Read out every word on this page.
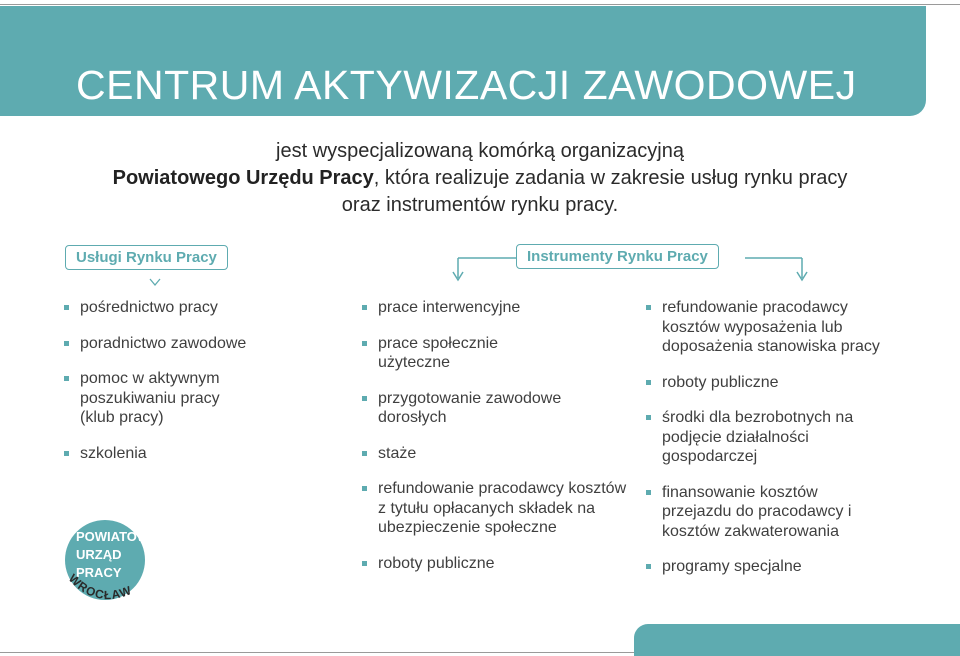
CENTRUM AKTYWIZACJI ZAWODOWEJ
jest wyspecjalizowaną komórką organizacyjną
Powiatowego Urzędu Pracy, która realizuje zadania w zakresie usług rynku pracy
oraz instrumentów rynku pracy.
Usługi Rynku Pracy	Instrumenty Rynku Pracy
pośrednictwo pracy
poradnictwo zawodowe
pomoc w aktywnym poszukiwaniu pracy (klub pracy)
szkolenia
prace interwencyjne
prace społecznie użyteczne
przygotowanie zawodowe dorosłych
staże
refundowanie pracodawcy kosztów z tytułu opłacanych składek na ubezpieczenie społeczne
roboty publiczne
refundowanie pracodawcy kosztów wyposażenia lub doposażenia stanowiska pracy
roboty publiczne
środki dla bezrobotnych na podjęcie działalności gospodarczej
finansowanie kosztów przejazdu do pracodawcy i kosztów zakwaterowania
programy specjalne
POWIATOWY
URZĄD
PRACY
WROCŁAW
